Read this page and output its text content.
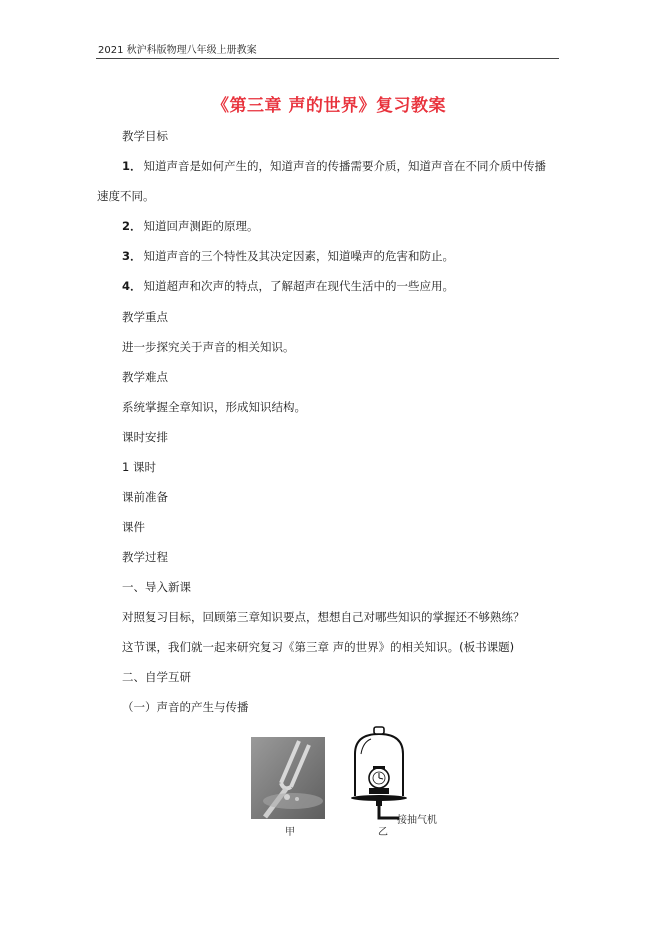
2021 秋沪科版物理八年级上册教案
《第三章 声的世界》复习教案
教学目标
1． 知道声音是如何产生的，知道声音的传播需要介质，知道声音在不同介质中传播
速度不同。
2． 知道回声测距的原理。
3． 知道声音的三个特性及其决定因素，知道噪声的危害和防止。
4． 知道超声和次声的特点，了解超声在现代生活中的一些应用。
教学重点
进一步探究关于声音的相关知识。
教学难点
系统掌握全章知识，形成知识结构。
课时安排
1 课时
课前准备
课件
教学过程
一、导入新课
对照复习目标，回顾第三章知识要点，想想自己对哪些知识的掌握还不够熟练？
这节课，我们就一起来研究复习《第三章 声的世界》的相关知识。(板书课题)
二、自学互研
（一）声音的产生与传播
甲
接抽气机
乙
